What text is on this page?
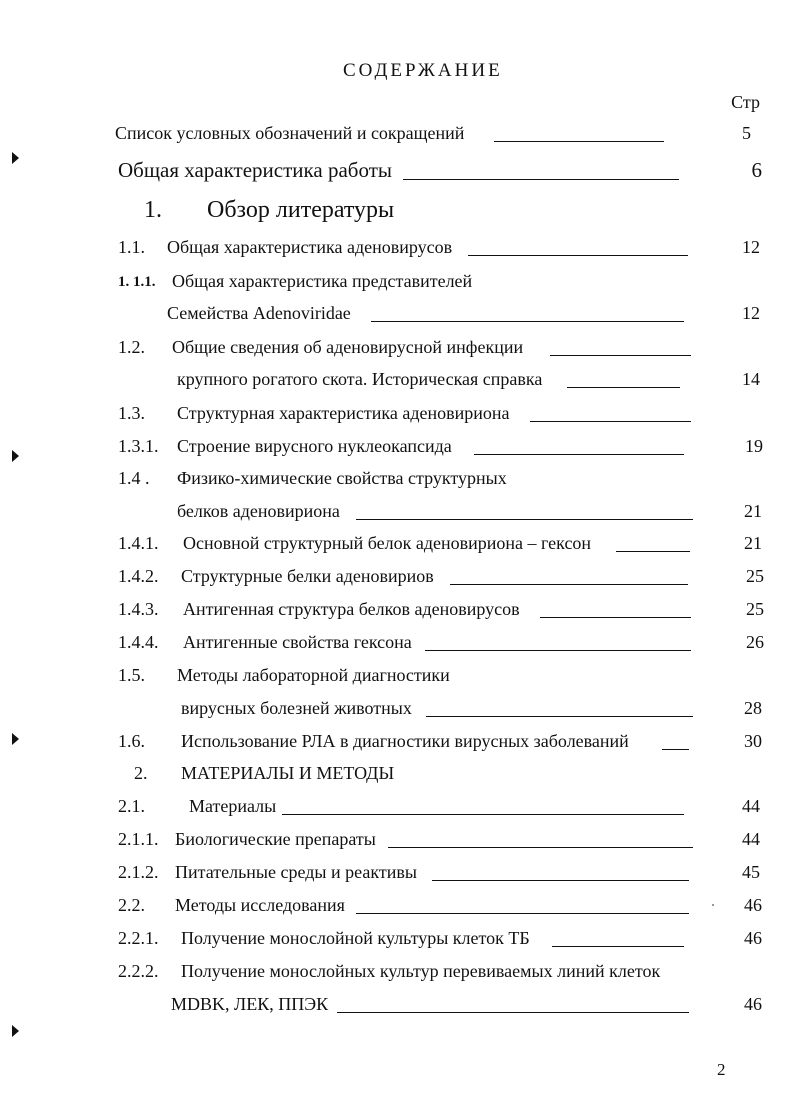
СОДЕРЖАНИЕ
Стр
Список условных обозначений и сокращений	5
Общая характеристика работы	6
1. Обзор литературы
1.1. Общая характеристика аденовирусов	12
1. 1.1. Общая характеристика представителей
Семейства Adenoviridae	12
1.2. Общие сведения об аденовирусной инфекции
крупного рогатого скота. Историческая справка	14
1.3. Структурная характеристика аденовириона
1.3.1. Строение вирусного нуклеокапсида	19
1.4 . Физико-химические свойства структурных
белков аденовириона	21
1.4.1. Основной структурный белок аденовириона – гексон	21
1.4.2. Структурные белки аденовириов	25
1.4.3. Антигенная структура белков аденовирусов	25
1.4.4. Антигенные свойства гексона	26
1.5. Методы лабораторной диагностики
вирусных болезней животных	28
1.6. Использование РЛА в диагностики вирусных заболеваний	30
2. МАТЕРИАЛЫ И МЕТОДЫ
2.1. Материалы	44
2.1.1. Биологические препараты	44
2.1.2. Питательные среды и реактивы	45
2.2. Методы исследования	46
2.2.1. Получение монослойной культуры клеток ТБ	46
2.2.2. Получение монослойных культур перевиваемых линий клеток
MDBK, ЛЕК, ППЭК	46
2
